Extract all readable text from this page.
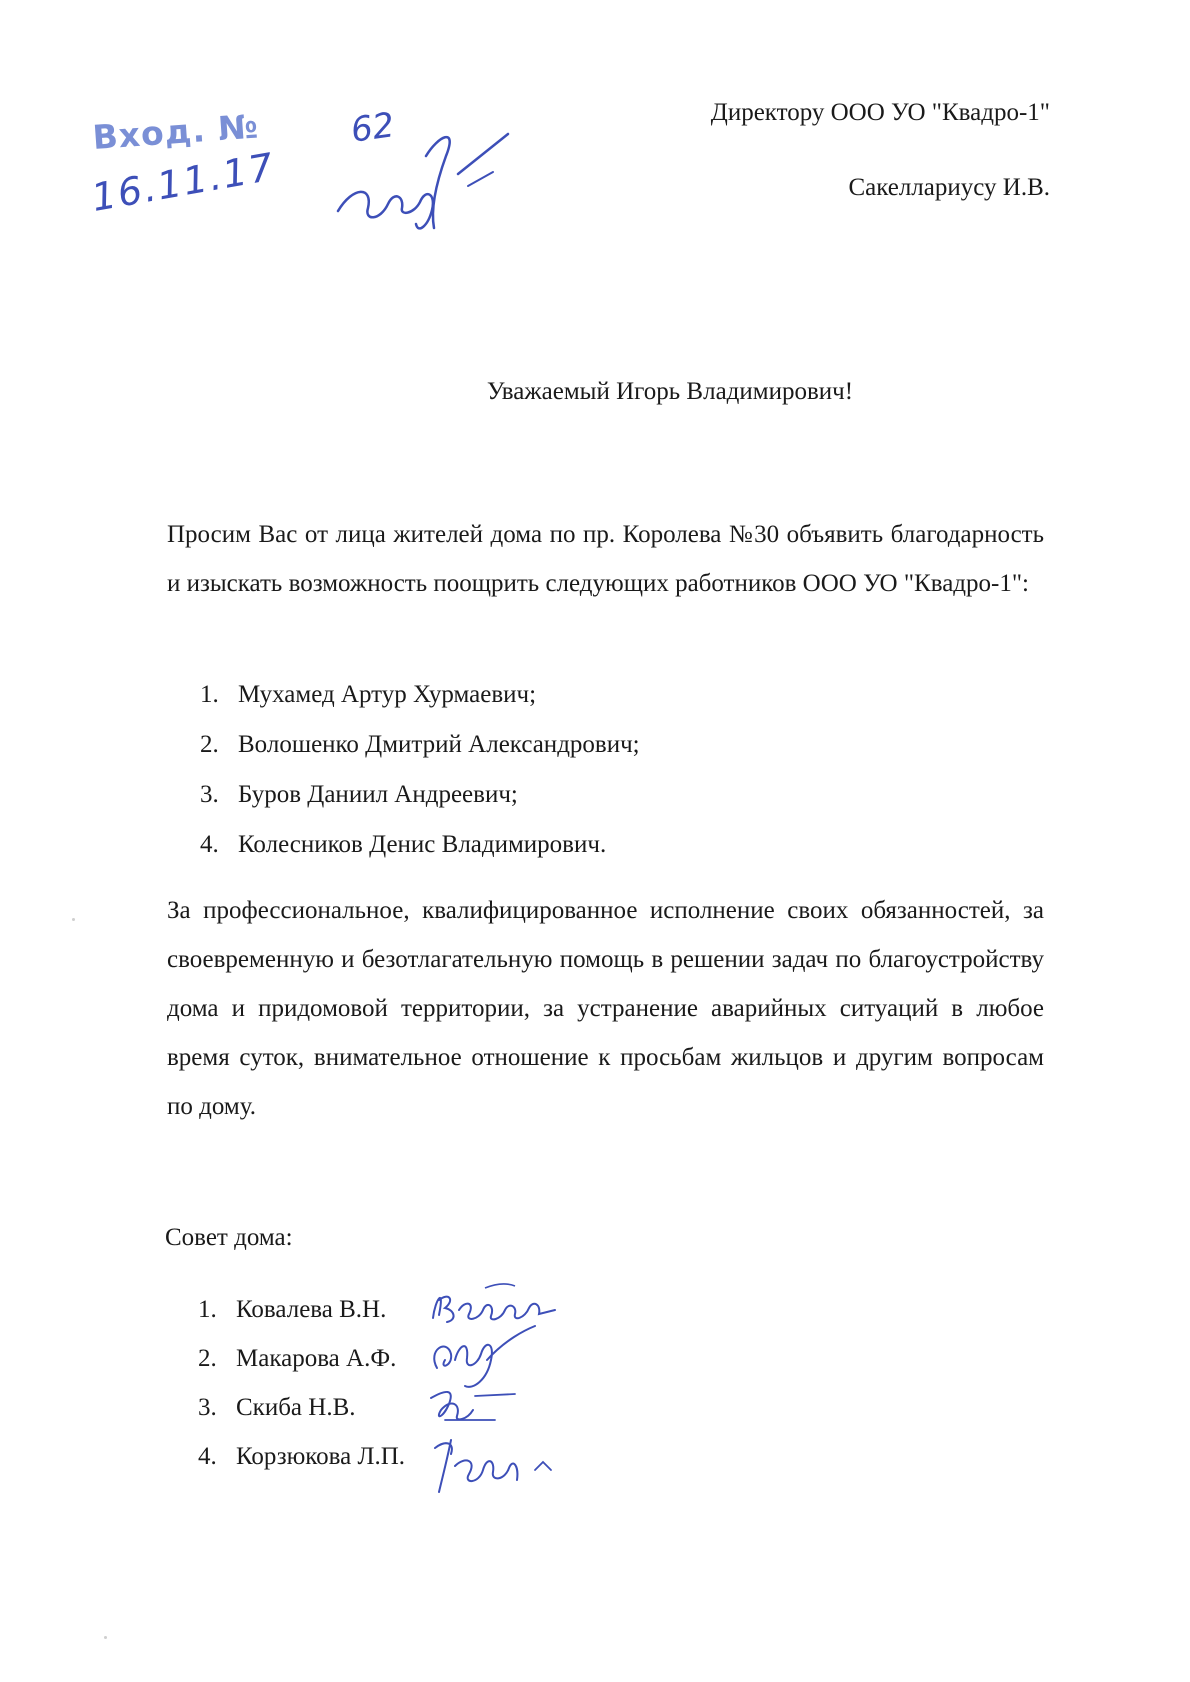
Вход. №	62
16.11.17
Директору ООО УО "Квадро-1"
Сакеллариусу И.В.
Уважаемый Игорь Владимирович!
Просим Вас от лица жителей дома по пр. Королева №30 объявить благодарность и изыскать возможность поощрить следующих работников ООО УО "Квадро-1":
1. Мухамед Артур Хурмаевич;
2. Волошенко Дмитрий Александрович;
3. Буров Даниил Андреевич;
4. Колесников Денис Владимирович.
За профессиональное, квалифицированное исполнение своих обязанностей, за своевременную и безотлагательную помощь в решении задач по благоустройству дома и придомовой территории, за устранение аварийных ситуаций в любое время суток, внимательное отношение к просьбам жильцов и другим вопросам по дому.
Совет дома:
1. Ковалева В.Н.
2. Макарова А.Ф.
3. Скиба Н.В.
4. Корзюкова Л.П.
